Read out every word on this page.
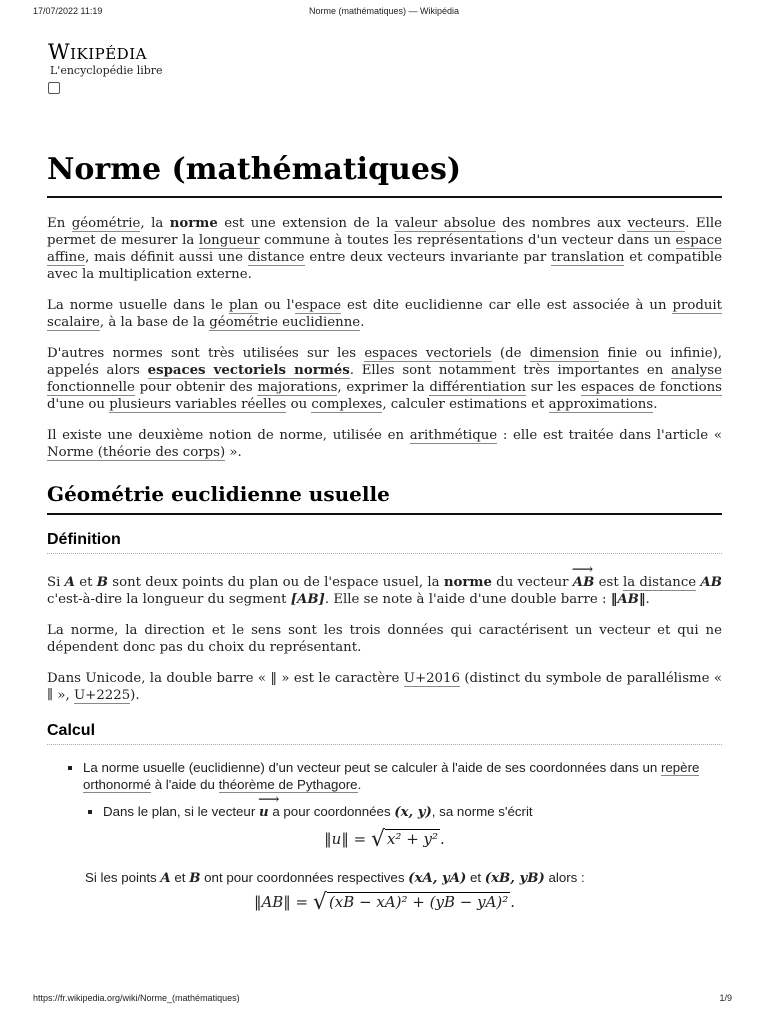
17/07/2022 11:19	Norme (mathématiques) — Wikipédia
Wikipédia
L'encyclopédie libre
Norme (mathématiques)

En géométrie, la norme est une extension de la valeur absolue des nombres aux vecteurs. Elle permet de mesurer la longueur commune à toutes les représentations d'un vecteur dans un espace affine, mais définit aussi une distance entre deux vecteurs invariante par translation et compatible avec la multiplication externe.

La norme usuelle dans le plan ou l'espace est dite euclidienne car elle est associée à un produit scalaire, à la base de la géométrie euclidienne.

D'autres normes sont très utilisées sur les espaces vectoriels (de dimension finie ou infinie), appelés alors espaces vectoriels normés. Elles sont notamment très importantes en analyse fonctionnelle pour obtenir des majorations, exprimer la différentiation sur les espaces de fonctions d'une ou plusieurs variables réelles ou complexes, calculer estimations et approximations.

Il existe une deuxième notion de norme, utilisée en arithmétique : elle est traitée dans l'article « Norme (théorie des corps) ».

Géométrie euclidienne usuelle
Définition

Si A et B sont deux points du plan ou de l'espace usuel, la norme du vecteur ⟶ AB est la distance AB c'est-à-dire la longueur du segment [AB]. Elle se note à l'aide d'une double barre : ‖AB‖.

La norme, la direction et le sens sont les trois données qui caractérisent un vecteur et qui ne dépendent donc pas du choix du représentant.

Dans Unicode, la double barre « ‖ » est le caractère U+2016 (distinct du symbole de parallélisme « ∥ », U+2225).

Calcul
▪ La norme usuelle (euclidienne) d'un vecteur peut se calculer à l'aide de ses coordonnées dans un repère orthonormé à l'aide du théorème de Pythagore.
▪ Dans le plan, si le vecteur ⟶ u a pour coordonnées (x, y), sa norme s'écrit
‖u‖ = √ x² + y² .
Si les points A et B ont pour coordonnées respectives (xA, yA) et (xB, yB) alors :
‖AB‖ = √ (xB − xA)² + (yB − yA)² .
https://fr.wikipedia.org/wiki/Norme_(mathématiques)	1/9
